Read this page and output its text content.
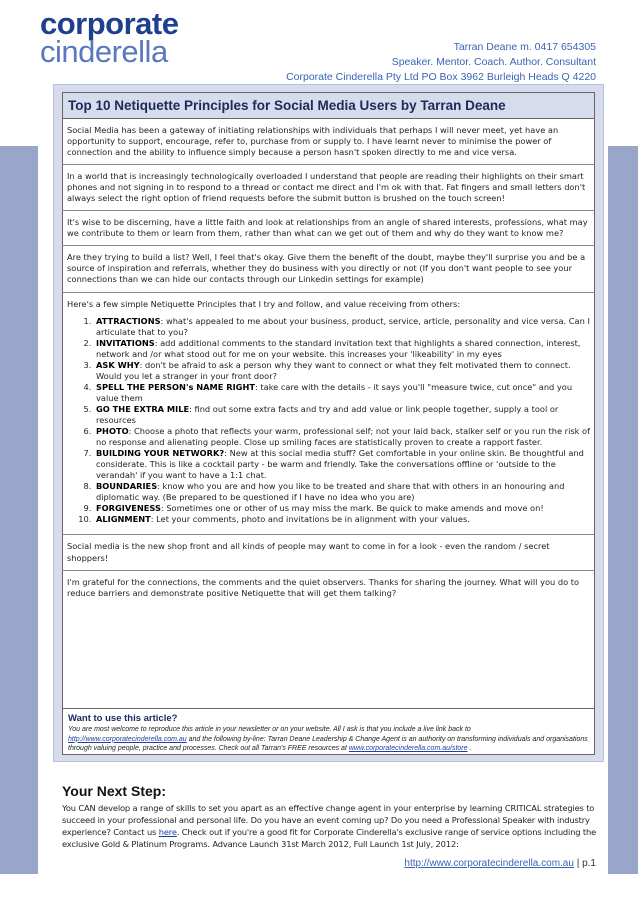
corporate
cinderella	Tarran Deane m. 0417 654305
Speaker. Mentor. Coach. Author. Consultant
Corporate Cinderella Pty Ltd PO Box 3962 Burleigh Heads Q 4220
Top 10 Netiquette Principles for Social Media Users by Tarran Deane

Social Media has been a gateway of initiating relationships with individuals that perhaps I will never meet, yet have an opportunity to support, encourage, refer to, purchase from or supply to. I have learnt never to minimise the power of connection and the ability to influence simply because a person hasn't spoken directly to me and vice versa.

In a world that is increasingly technologically overloaded I understand that people are reading their highlights on their smart phones and not signing in to respond to a thread or contact me direct and I'm ok with that. Fat fingers and small letters don't always select the right option of friend requests before the submit button is brushed on the touch screen!

It's wise to be discerning, have a little faith and look at relationships from an angle of shared interests, professions, what may we contribute to them or learn from them, rather than what can we get out of them and why do they want to know me?

Are they trying to build a list? Well, I feel that's okay. Give them the benefit of the doubt, maybe they'll surprise you and be a source of inspiration and referrals, whether they do business with you directly or not (If you don't want people to see your connections than we can hide our contacts through our Linkedin settings for example)

Here's a few simple Netiquette Principles that I try and follow, and value receiving from others:

1. ATTRACTIONS: what's appealed to me about your business, product, service, article, personality and vice versa. Can I articulate that to you?
2. INVITATIONS: add additional comments to the standard invitation text that highlights a shared connection, interest, network and /or what stood out for me on your website. this increases your 'likeability' in my eyes
3. ASK WHY: don't be afraid to ask a person why they want to connect or what they felt motivated them to connect. Would you let a stranger in your front door?
4. SPELL THE PERSON's NAME RIGHT: take care with the details - it says you'll "measure twice, cut once" and you value them
5. GO THE EXTRA MILE: find out some extra facts and try and add value or link people together, supply a tool or resources
6. PHOTO: Choose a photo that reflects your warm, professional self; not your laid back, stalker self or you run the risk of no response and alienating people. Close up smiling faces are statistically proven to create a rapport faster.
7. BUILDING YOUR NETWORK?: New at this social media stuff? Get comfortable in your online skin. Be thoughtful and considerate. This is like a cocktail party - be warm and friendly. Take the conversations offline or 'outside to the verandah' if you want to have a 1:1 chat.
8. BOUNDARIES: know who you are and how you like to be treated and share that with others in an honouring and diplomatic way. (Be prepared to be questioned if I have no idea who you are)
9. FORGIVENESS: Sometimes one or other of us may miss the mark. Be quick to make amends and move on!
10. ALIGNMENT: Let your comments, photo and invitations be in alignment with your values.

Social media is the new shop front and all kinds of people may want to come in for a look - even the random / secret shoppers!

I'm grateful for the connections, the comments and the quiet observers. Thanks for sharing the journey. What will you do to reduce barriers and demonstrate positive Netiquette that will get them talking?

Want to use this article?

You are most welcome to reproduce this article in your newsletter or on your website. All I ask is that you include a live link back to http://www.corporatecinderella.com.au and the following by-line: Tarran Deane Leadership & Change Agent is an authority on transforming individuals and organisations through valuing people, practice and processes. Check out all Tarran's FREE resources at www.corporatecinderella.com.au/store .

Your Next Step:

You CAN develop a range of skills to set you apart as an effective change agent in your enterprise by learning CRITICAL strategies to succeed in your professional and personal life. Do you have an event coming up? Do you need a Professional Speaker with industry experience? Contact us here. Check out if you're a good fit for Corporate Cinderella's exclusive range of service options including the exclusive Gold & Platinum Programs. Advance Launch 31st March 2012, Full Launch 1st July, 2012:

http://www.corporatecinderella.com.au | p.1
